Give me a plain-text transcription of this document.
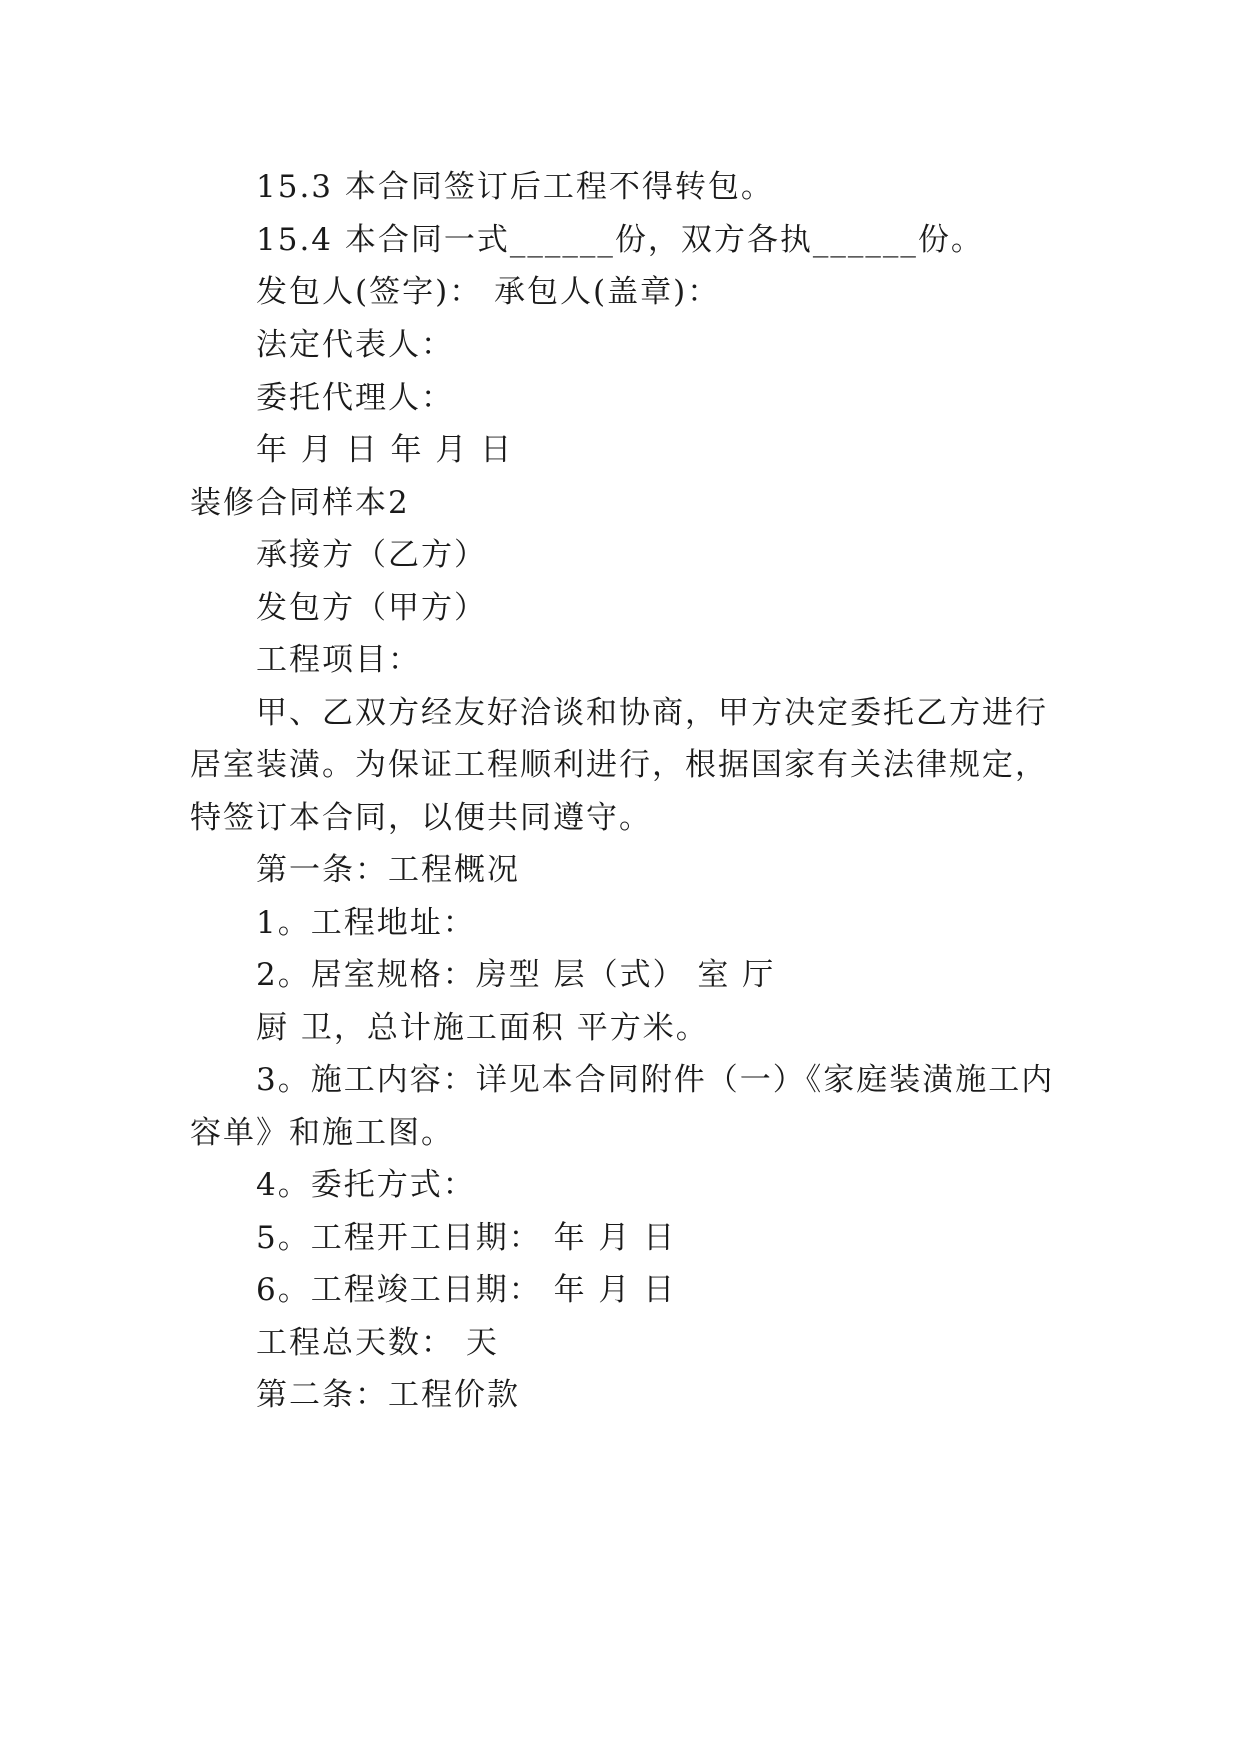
15.3 本合同签订后工程不得转包。

15.4 本合同一式______份，双方各执______份。

发包人(签字)： 承包人(盖章)：

法定代表人：

委托代理人：

年 月 日 年 月 日

装修合同样本2

承接方（乙方）

发包方（甲方）

工程项目：

甲、乙双方经友好洽谈和协商，甲方决定委托乙方进行

居室装潢。为保证工程顺利进行，根据国家有关法律规定，

特签订本合同，以便共同遵守。

第一条：工程概况

1。工程地址：

2。居室规格：房型 层（式） 室 厅

厨 卫，总计施工面积 平方米。

3。施工内容：详见本合同附件（一）《家庭装潢施工内

容单》和施工图。

4。委托方式：

5。工程开工日期： 年 月 日

6。工程竣工日期： 年 月 日

工程总天数： 天

第二条：工程价款
